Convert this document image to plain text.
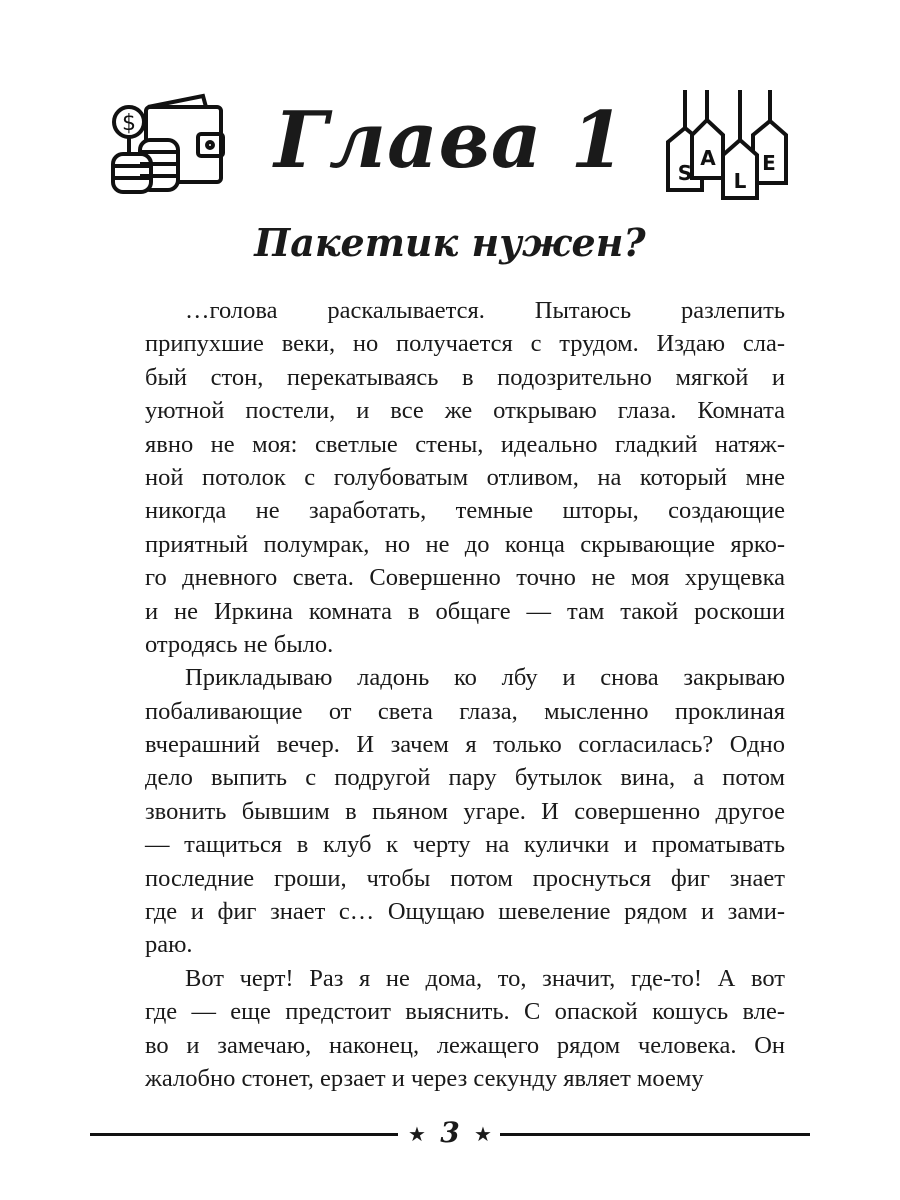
$	Глава 1
Пакетик нужен?
S
A
L
E
…голова раскалывается. Пытаюсь разлепить
припухшие веки, но получается с трудом. Издаю сла-
бый стон, перекатываясь в подозрительно мягкой и
уютной постели, и все же открываю глаза. Комната
явно не моя: светлые стены, идеально гладкий натяж-
ной потолок с голубоватым отливом, на который мне
никогда не заработать, темные шторы, создающие
приятный полумрак, но не до конца скрывающие ярко-
го дневного света. Совершенно точно не моя хрущевка
и не Иркина комната в общаге — там такой роскоши
отродясь не было.
Прикладываю ладонь ко лбу и снова закрываю
побаливающие от света глаза, мысленно проклиная
вчерашний вечер. И зачем я только согласилась? Одно
дело выпить с подругой пару бутылок вина, а потом
звонить бывшим в пьяном угаре. И совершенно другое
— тащиться в клуб к черту на кулички и проматывать
последние гроши, чтобы потом проснуться фиг знает
где и фиг знает с… Ощущаю шевеление рядом и зами-
раю.
Вот черт! Раз я не дома, то, значит, где-то! А вот
где — еще предстоит выяснить. С опаской кошусь вле-
во и замечаю, наконец, лежащего рядом человека. Он
жалобно стонет, ерзает и через секунду являет моему
★ 3 ★
